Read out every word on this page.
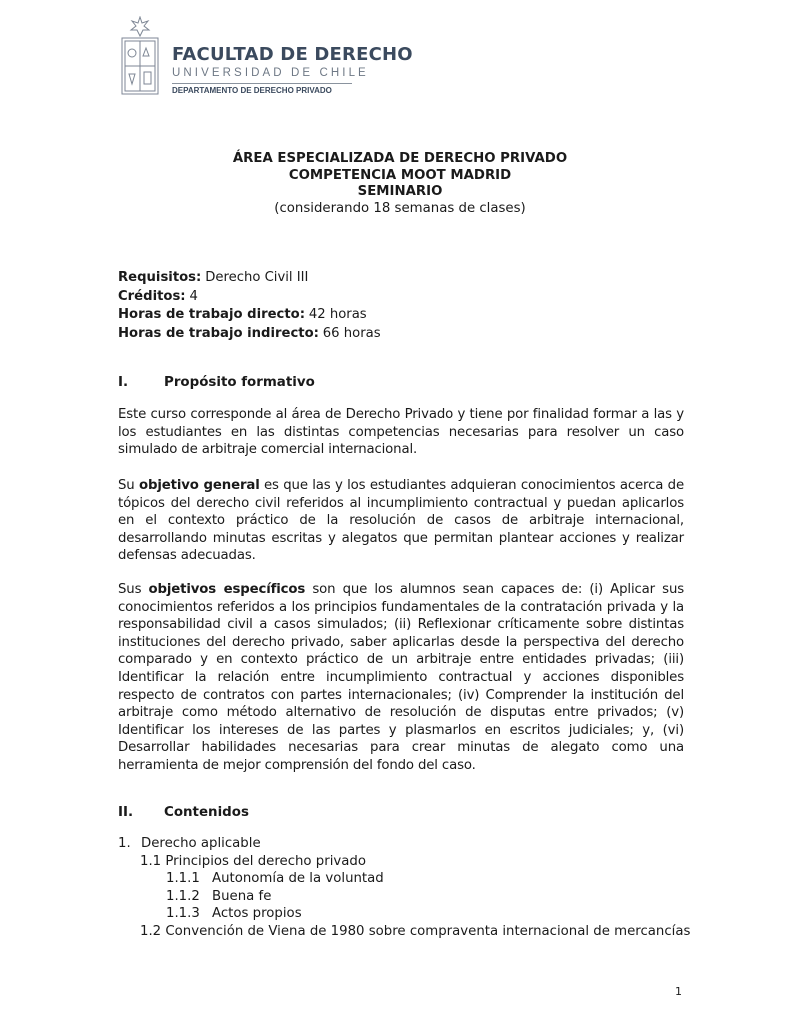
FACULTAD DE DERECHO
UNIVERSIDAD DE CHILE
DEPARTAMENTO DE DERECHO PRIVADO
ÁREA ESPECIALIZADA DE DERECHO PRIVADO
COMPETENCIA MOOT MADRID
SEMINARIO
(considerando 18 semanas de clases)
Requisitos: Derecho Civil III
Créditos: 4
Horas de trabajo directo: 42 horas
Horas de trabajo indirecto: 66 horas
I.	Propósito formativo
Este curso corresponde al área de Derecho Privado y tiene por finalidad formar a las y los estudiantes en las distintas competencias necesarias para resolver un caso simulado de arbitraje comercial internacional.
Su objetivo general es que las y los estudiantes adquieran conocimientos acerca de tópicos del derecho civil referidos al incumplimiento contractual y puedan aplicarlos en el contexto práctico de la resolución de casos de arbitraje internacional, desarrollando minutas escritas y alegatos que permitan plantear acciones y realizar defensas adecuadas.
Sus objetivos específicos son que los alumnos sean capaces de: (i) Aplicar sus conocimientos referidos a los principios fundamentales de la contratación privada y la responsabilidad civil a casos simulados; (ii) Reflexionar críticamente sobre distintas instituciones del derecho privado, saber aplicarlas desde la perspectiva del derecho comparado y en contexto práctico de un arbitraje entre entidades privadas; (iii) Identificar la relación entre incumplimiento contractual y acciones disponibles respecto de contratos con partes internacionales; (iv) Comprender la institución del arbitraje como método alternativo de resolución de disputas entre privados; (v) Identificar los intereses de las partes y plasmarlos en escritos judiciales; y, (vi) Desarrollar habilidades necesarias para crear minutas de alegato como una herramienta de mejor comprensión del fondo del caso.
II. Contenidos
1. Derecho aplicable
1.1 Principios del derecho privado
1.1.1 Autonomía de la voluntad
1.1.2 Buena fe
1.1.3 Actos propios
1.2 Convención de Viena de 1980 sobre compraventa internacional de mercancías
1
